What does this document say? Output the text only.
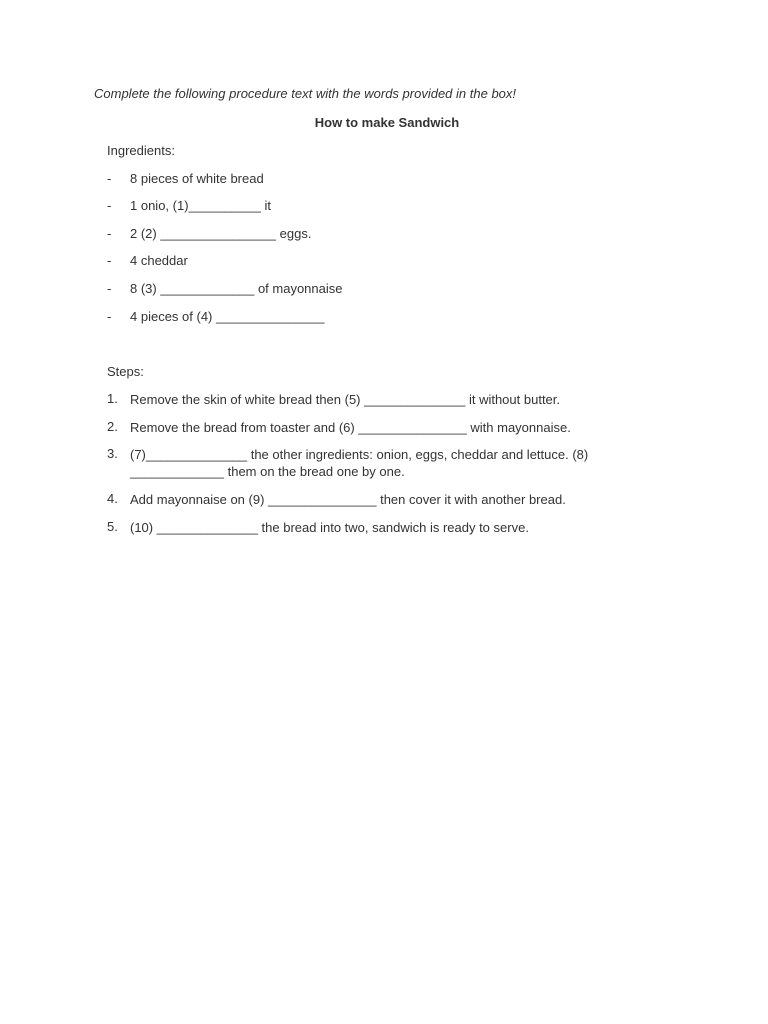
Complete the following procedure text with the words provided in the box!
How to make Sandwich
Ingredients:
- 8 pieces of white bread
- 1 onio, (1)__________ it
- 2 (2) ________________ eggs.
- 4 cheddar
- 8 (3) _____________ of mayonnaise
- 4 pieces of (4) _______________
Steps:
1. Remove the skin of white bread then (5) ______________ it without butter.
2. Remove the bread from toaster and (6) _______________ with mayonnaise.
3. (7)______________ the other ingredients: onion, eggs, cheddar and lettuce. (8) _____________ them on the bread one by one.
4. Add mayonnaise on (9) _______________ then cover it with another bread.
5. (10) ______________ the bread into two, sandwich is ready to serve.
